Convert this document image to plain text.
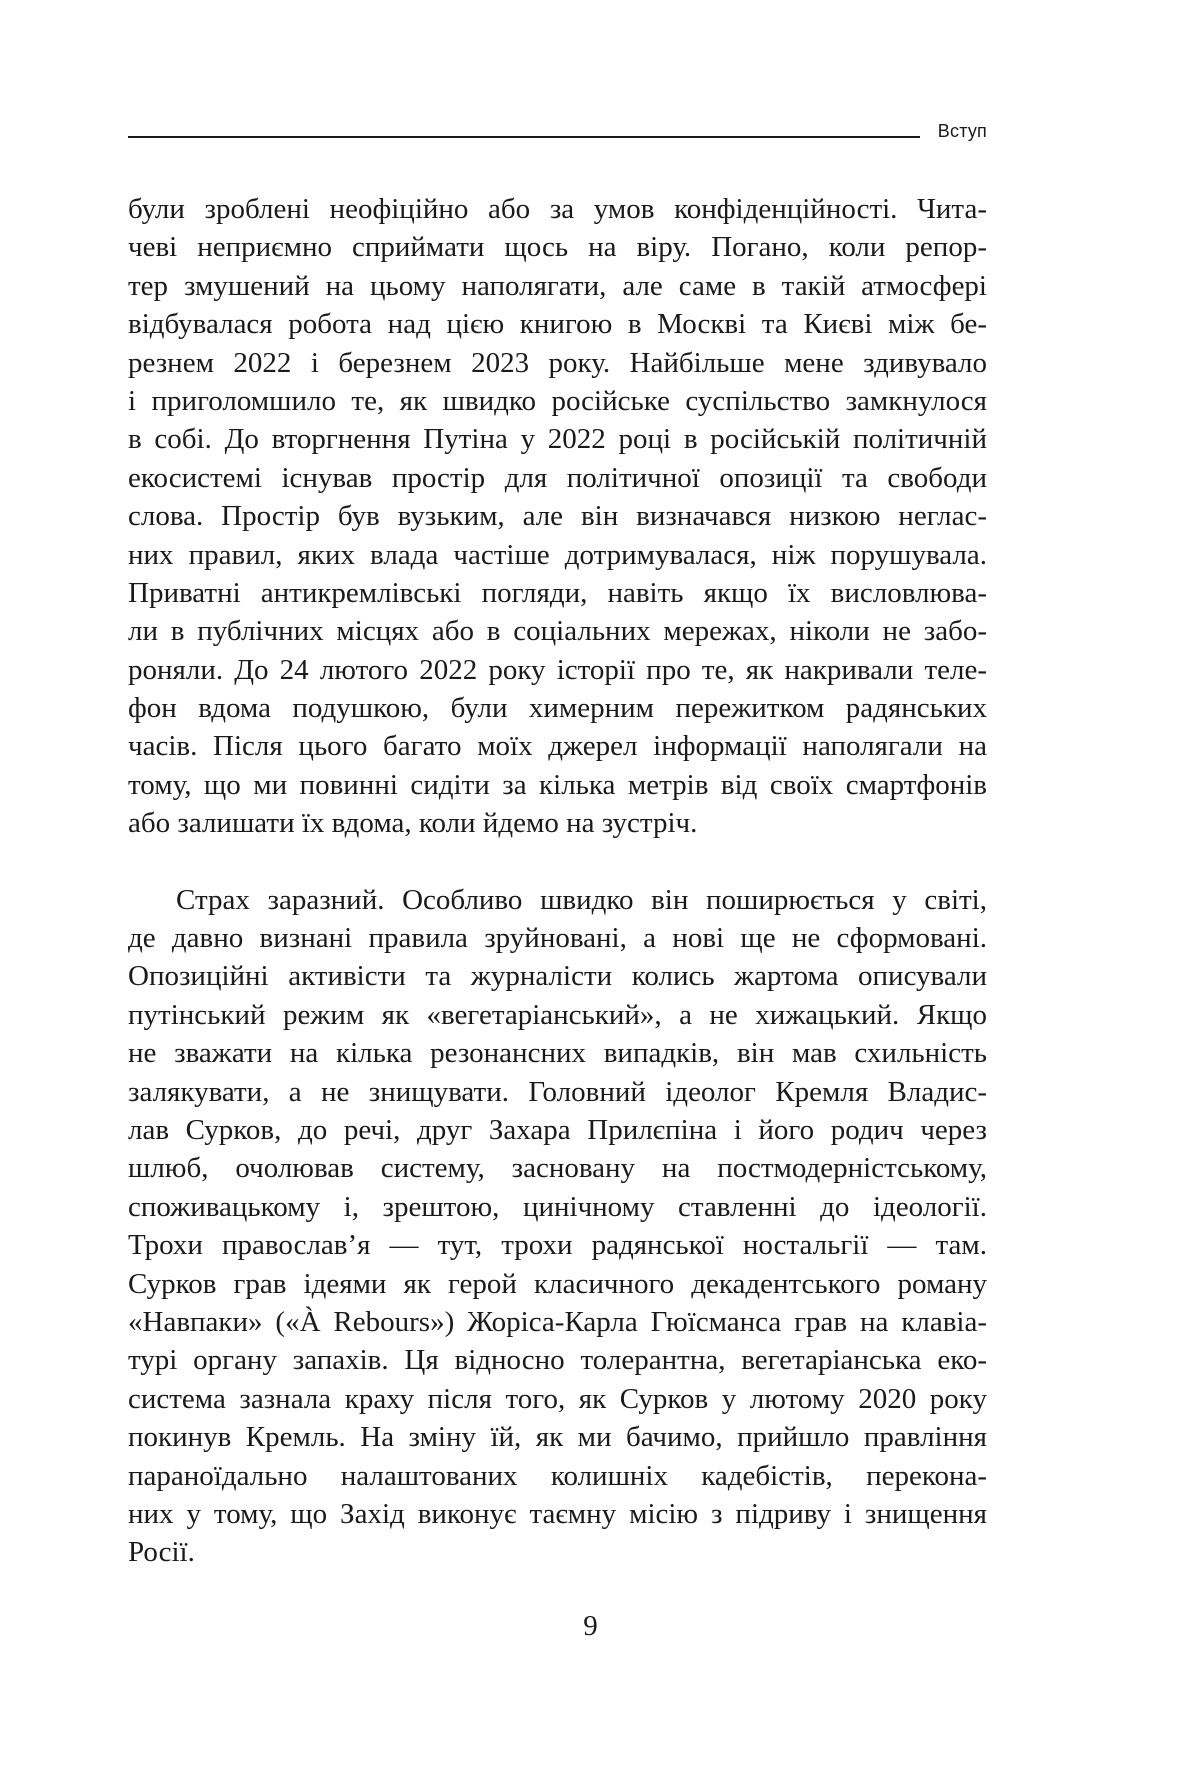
Вступ
були зроблені неофіційно або за умов конфіденційності. Чита-
чеві неприємно сприймати щось на віру. Погано, коли репор-
тер змушений на цьому наполягати, але саме в такій атмосфері
відбувалася робота над цією книгою в Москві та Києві між бе-
резнем 2022 і березнем 2023 року. Найбільше мене здивувало
і приголомшило те, як швидко російське суспільство замкнулося
в собі. До вторгнення Путіна у 2022 році в російській політичній
екосистемі існував простір для політичної опозиції та свободи
слова. Простір був вузьким, але він визначався низкою неглас-
них правил, яких влада частіше дотримувалася, ніж порушувала.
Приватні антикремлівські погляди, навіть якщо їх висловлюва-
ли в публічних місцях або в соціальних мережах, ніколи не забо-
роняли. До 24 лютого 2022 року історії про те, як накривали теле-
фон вдома подушкою, були химерним пережитком радянських
часів. Після цього багато моїх джерел інформації наполягали на
тому, що ми повинні сидіти за кілька метрів від своїх смартфонів
або залишати їх вдома, коли йдемо на зустріч.
Страх заразний. Особливо швидко він поширюється у світі,
де давно визнані правила зруйновані, а нові ще не сформовані.
Опозиційні активісти та журналісти колись жартома описували
путінський режим як «вегетаріанський», а не хижацький. Якщо
не зважати на кілька резонансних випадків, він мав схильність
залякувати, а не знищувати. Головний ідеолог Кремля Владис-
лав Сурков, до речі, друг Захара Прилєпіна і його родич через
шлюб, очолював систему, засновану на постмодерністському,
споживацькому і, зрештою, цинічному ставленні до ідеології.
Трохи православ’я — тут, трохи радянської ностальгії — там.
Сурков грав ідеями як герой класичного декадентського роману
«Навпаки» («À Rebours») Жоріса-Карла Гюїсманса грав на клавіа-
турі органу запахів. Ця відносно толерантна, вегетаріанська еко-
система зазнала краху після того, як Сурков у лютому 2020 року
покинув Кремль. На зміну їй, як ми бачимо, прийшло правління
параноїдально налаштованих колишніх кадебістів, переконa-
них у тому, що Захід виконує таємну місію з підриву і знищення
Росії.
9
